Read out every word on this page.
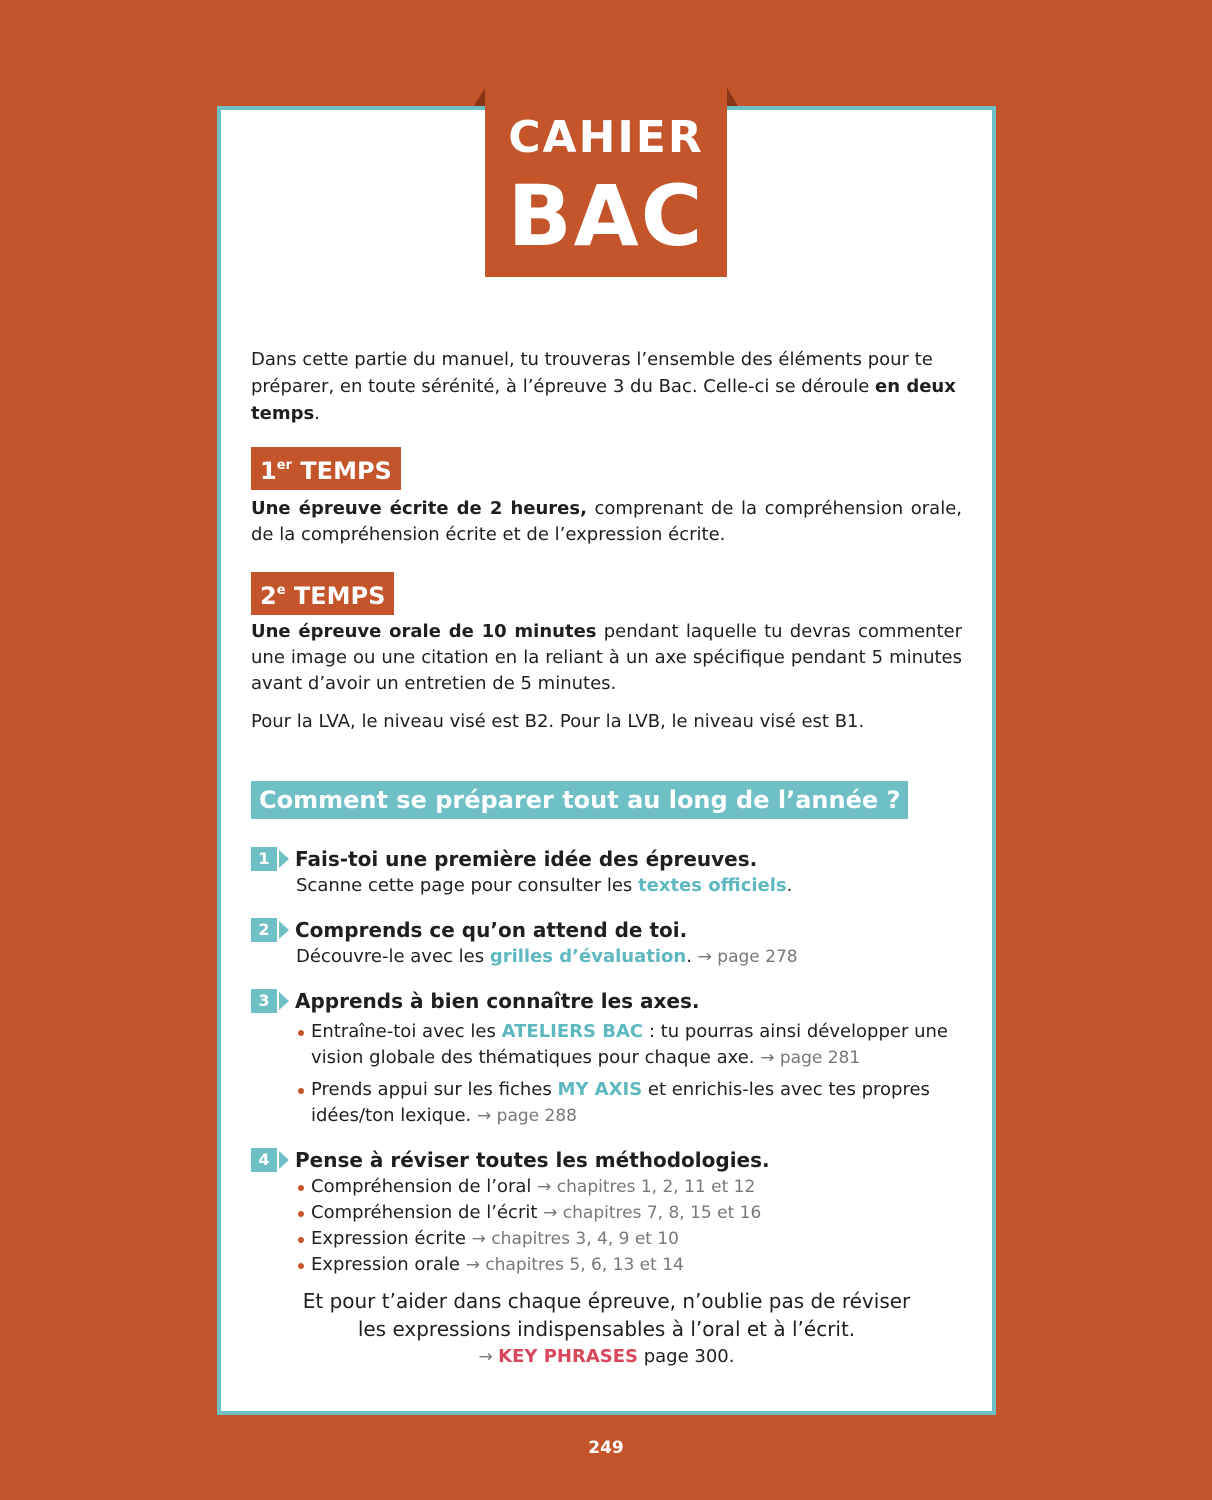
CAHIER
BAC

Dans cette partie du manuel, tu trouveras l’ensemble des éléments pour te préparer, en toute sérénité, à l’épreuve 3 du Bac. Celle-ci se déroule en deux temps.

1er TEMPS

Une épreuve écrite de 2 heures, comprenant de la compréhension orale, de la compréhension écrite et de l’expression écrite.

2e TEMPS

Une épreuve orale de 10 minutes pendant laquelle tu devras commenter une image ou une citation en la reliant à un axe spécifique pendant 5 minutes avant d’avoir un entretien de 5 minutes.

Pour la LVA, le niveau visé est B2. Pour la LVB, le niveau visé est B1.

Comment se préparer tout au long de l’année ?
1	Fais-toi une première idée des épreuves.
Scanne cette page pour consulter les textes officiels.
2	Comprends ce qu’on attend de toi.
Découvre-le avec les grilles d’évaluation. → page 278
3	Apprends à bien connaître les axes.
Entraîne-toi avec les ATELIERS BAC : tu pourras ainsi développer une vision globale des thématiques pour chaque axe. → page 281
Prends appui sur les fiches MY AXIS et enrichis-les avec tes propres idées/ton lexique. → page 288
4	Pense à réviser toutes les méthodologies.
Compréhension de l’oral → chapitres 1, 2, 11 et 12
Compréhension de l’écrit → chapitres 7, 8, 15 et 16
Expression écrite → chapitres 3, 4, 9 et 10
Expression orale → chapitres 5, 6, 13 et 14
Et pour t’aider dans chaque épreuve, n’oublie pas de réviser
les expressions indispensables à l’oral et à l’écrit.
→ KEY PHRASES page 300.
249
